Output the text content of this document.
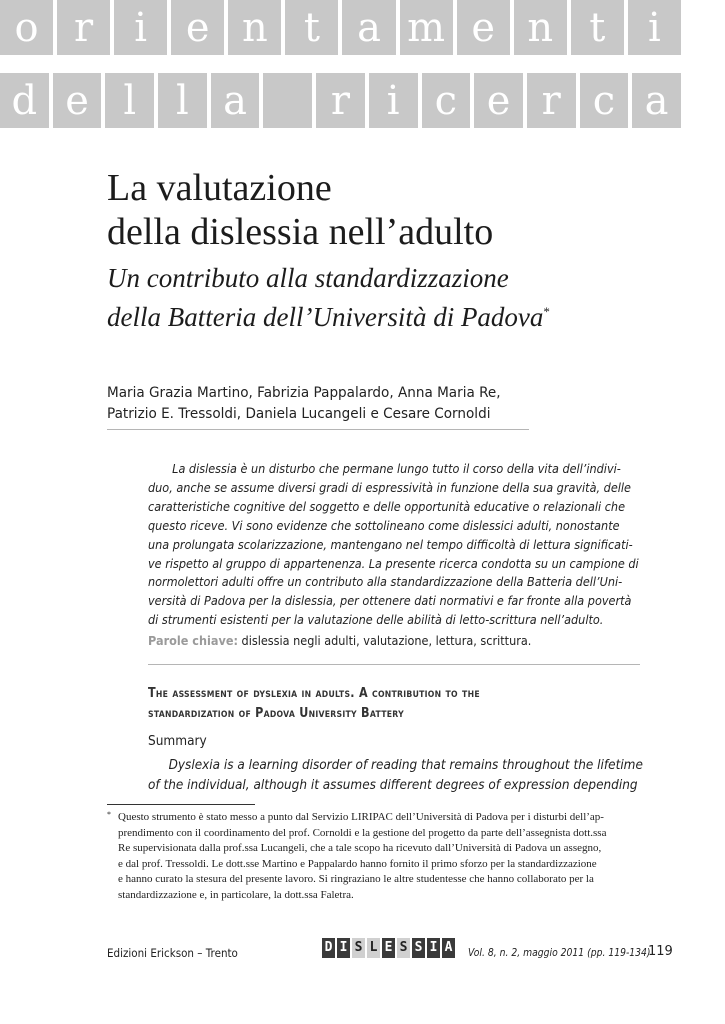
o r i e n t a m e n t i
d e l l a r i c e r c a
La valutazione
della dislessia nell’adulto
Un contributo alla standardizzazione
della Batteria dell’Università di Padova*
Maria Grazia Martino, Fabrizia Pappalardo, Anna Maria Re,
Patrizio E. Tressoldi, Daniela Lucangeli e Cesare Cornoldi
La dislessia è un disturbo che permane lungo tutto il corso della vita dell’indivi-
duo, anche se assume diversi gradi di espressività in funzione della sua gravità, delle
caratteristiche cognitive del soggetto e delle opportunità educative o relazionali che
questo riceve. Vi sono evidenze che sottolineano come dislessici adulti, nonostante
una prolungata scolarizzazione, mantengano nel tempo difficoltà di lettura significati-
ve rispetto al gruppo di appartenenza. La presente ricerca condotta su un campione di
normolettori adulti offre un contributo alla standardizzazione della Batteria dell’Uni-
versità di Padova per la dislessia, per ottenere dati normativi e far fronte alla povertà
di strumenti esistenti per la valutazione delle abilità di letto-scrittura nell’adulto.
Parole chiave: dislessia negli adulti, valutazione, lettura, scrittura.
The assessment of dyslexia in adults. A contribution to the
standardization of Padova University Battery
Summary
Dyslexia is a learning disorder of reading that remains throughout the lifetime
of the individual, although it assumes different degrees of expression depending
* Questo strumento è stato messo a punto dal Servizio LIRIPAC dell’Università di Padova per i disturbi dell’ap-
prendimento con il coordinamento del prof. Cornoldi e la gestione del progetto da parte dell’assegnista dott.ssa
Re supervisionata dalla prof.ssa Lucangeli, che a tale scopo ha ricevuto dall’Università di Padova un assegno,
e dal prof. Tressoldi. Le dott.sse Martino e Pappalardo hanno fornito il primo sforzo per la standardizzazione
e hanno curato la stesura del presente lavoro. Si ringraziano le altre studentesse che hanno collaborato per la
standardizzazione e, in particolare, la dott.ssa Faletra.
Edizioni Erickson – Trento	D I S L E S S I A Vol. 8, n. 2, maggio 2011 (pp. 119-134)
119
